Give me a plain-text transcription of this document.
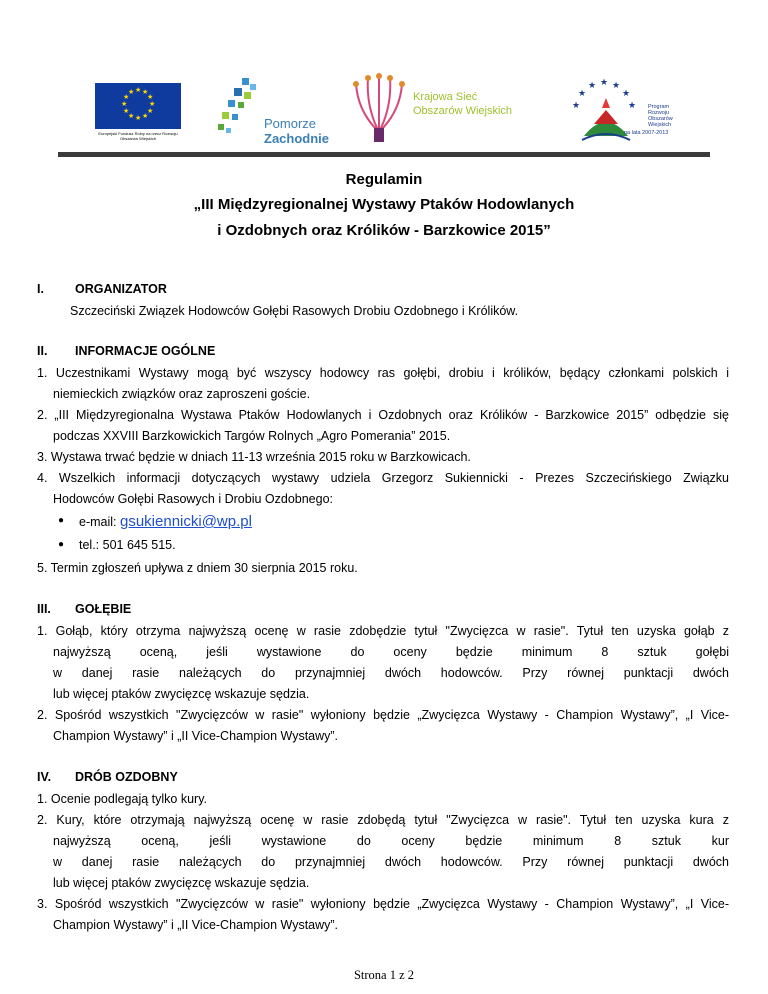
★ ★
★
★
★
★
★
★
★
★
★
★
Europejski Fundusz Rolny na rzecz Rozwoju Obszarów Wiejskich
Pomorze
Zachodnie
Krajowa Sieć
Obszarów Wiejskich	★
★
★ ★ ★
★
★ Program
Rozwoju
Obszarów
Wiejskich
na lata 2007-2013
Regulamin
„III Międzyregionalnej Wystawy Ptaków Hodowlanych
i Ozdobnych oraz Królików - Barzkowice 2015”
I. ORGANIZATOR
Szczeciński Związek Hodowców Gołębi Rasowych Drobiu Ozdobnego i Królików.
II. INFORMACJE OGÓLNE
1. Uczestnikami Wystawy mogą być wszyscy hodowcy ras gołębi, drobiu i królików, będący członkami polskich i
niemieckich związków oraz zaproszeni goście.
2. „III Międzyregionalna Wystawa Ptaków Hodowlanych i Ozdobnych oraz Królików - Barzkowice 2015” odbędzie się
podczas XXVIII Barzkowickich Targów Rolnych „Agro Pomerania” 2015.
3. Wystawa trwać będzie w dniach 11-13 września 2015 roku w Barzkowicach.
4. Wszelkich informacji dotyczących wystawy udziela Grzegorz Sukiennicki - Prezes Szczecińskiego Związku
Hodowców Gołębi Rasowych i Drobiu Ozdobnego:
● e-mail: gsukiennicki@wp.pl
● tel.: 501 645 515.
5. Termin zgłoszeń upływa z dniem 30 sierpnia 2015 roku.
III. GOŁĘBIE
1. Gołąb, który otrzyma najwyższą ocenę w rasie zdobędzie tytuł "Zwycięzca w rasie". Tytuł ten uzyska gołąb z
najwyższą oceną, jeśli wystawione do oceny będzie minimum 8 sztuk gołębi
w danej rasie należących do przynajmniej dwóch hodowców. Przy równej punktacji dwóch
lub więcej ptaków zwycięzcę wskazuje sędzia.
2. Spośród wszystkich "Zwycięzców w rasie" wyłoniony będzie „Zwycięzca Wystawy - Champion Wystawy”, „I Vice-
Champion Wystawy” i „II Vice-Champion Wystawy”.
IV. DRÓB OZDOBNY
1. Ocenie podlegają tylko kury.
2. Kury, które otrzymają najwyższą ocenę w rasie zdobędą tytuł "Zwycięzca w rasie". Tytuł ten uzyska kura z
najwyższą oceną, jeśli wystawione do oceny będzie minimum 8 sztuk kur
w danej rasie należących do przynajmniej dwóch hodowców. Przy równej punktacji dwóch
lub więcej ptaków zwycięzcę wskazuje sędzia.
3. Spośród wszystkich "Zwycięzców w rasie" wyłoniony będzie „Zwycięzca Wystawy - Champion Wystawy”, „I Vice-
Champion Wystawy” i „II Vice-Champion Wystawy”.
Strona 1 z 2
